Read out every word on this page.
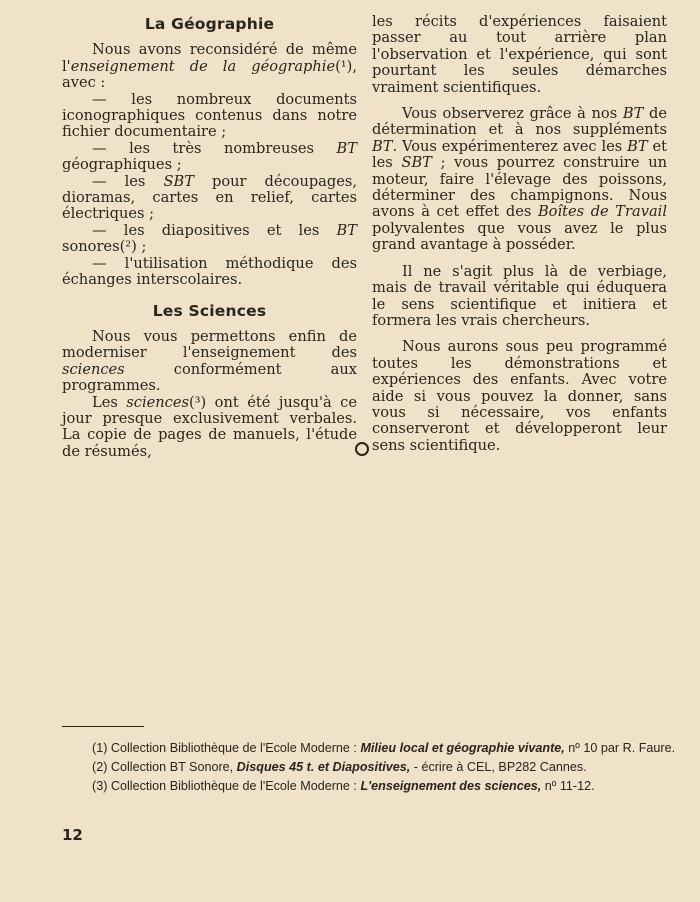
La Géographie

Nous avons reconsidéré de même l'enseignement de la géographie(¹), avec :

— les nombreux documents iconographiques contenus dans notre fichier documentaire ;

— les très nombreuses BT géographiques ;

— les SBT pour découpages, dioramas, cartes en relief, cartes électriques ;

— les diapositives et les BT sonores(²) ;

— l'utilisation méthodique des échanges interscolaires.

Les Sciences

Nous vous permettons enfin de moderniser l'enseignement des sciences conformément aux programmes.

Les sciences(³) ont été jusqu'à ce jour presque exclusivement verbales. La copie de pages de manuels, l'étude de résumés,

les récits d'expériences faisaient passer au tout arrière plan l'observation et l'expérience, qui sont pourtant les seules démarches vraiment scientifiques.

Vous observerez grâce à nos BT de détermination et à nos suppléments BT. Vous expérimenterez avec les BT et les SBT ; vous pourrez construire un moteur, faire l'élevage des poissons, déterminer des champignons. Nous avons à cet effet des Boîtes de Travail polyvalentes que vous avez le plus grand avantage à posséder.

Il ne s'agit plus là de verbiage, mais de travail véritable qui éduquera le sens scientifique et initiera et formera les vrais chercheurs.

Nous aurons sous peu programmé toutes les démonstrations et expériences des enfants. Avec votre aide si vous pouvez la donner, sans vous si nécessaire, vos enfants conserveront et développeront leur sens scientifique.

(1) Collection Bibliothèque de l'Ecole Moderne : Milieu local et géographie vivante, nº 10 par R. Faure.

(2) Collection BT Sonore, Disques 45 t. et Diapositives, - écrire à CEL, BP282 Cannes.

(3) Collection Bibliothèque de l'Ecole Moderne : L'enseignement des sciences, nº 11-12.

12
